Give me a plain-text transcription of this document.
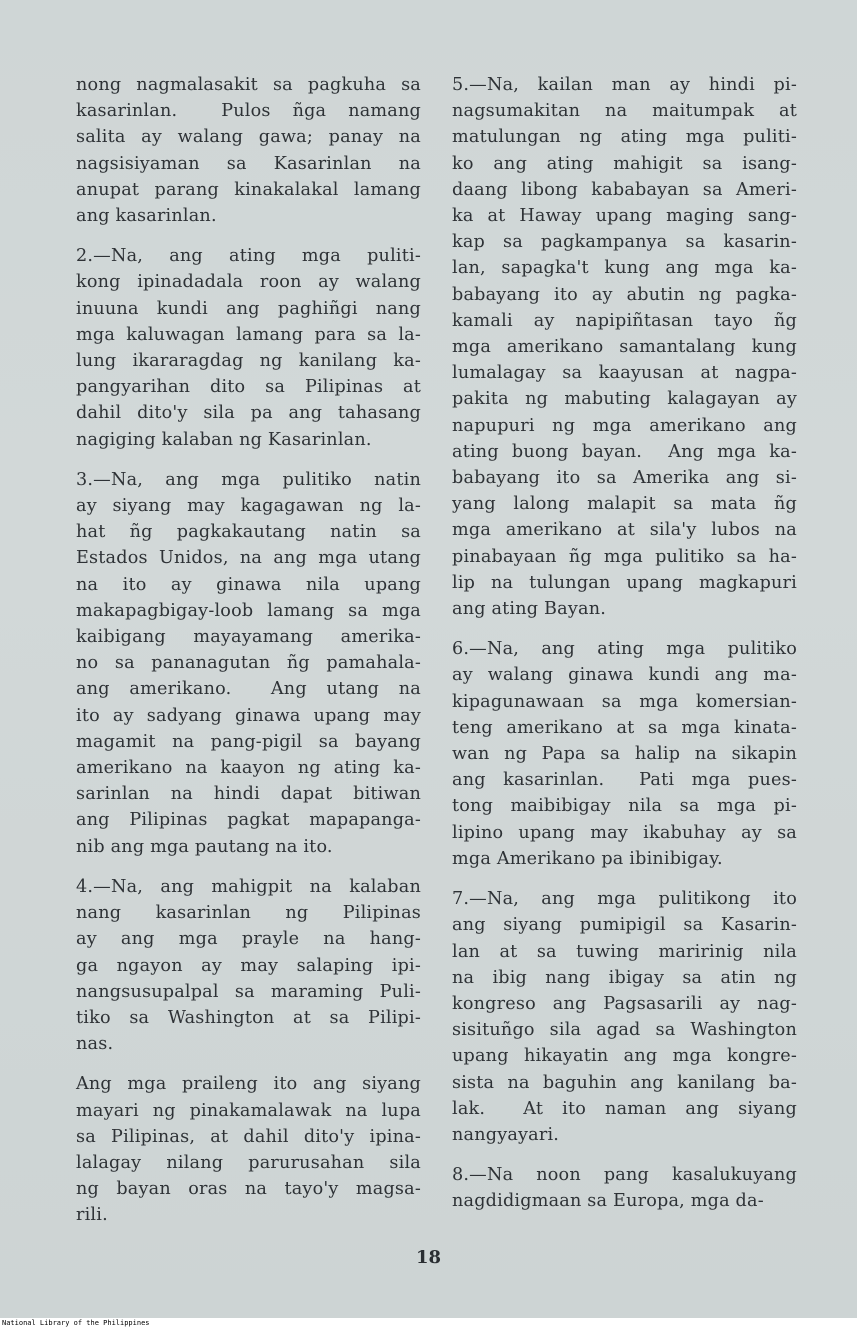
nong nagmalasakit sa pagkuha sa
kasarinlan.  Pulos ñga namang
salita ay walang gawa; panay na
nagsisiyaman sa Kasarinlan na
anupat parang kinakalakal lamang
ang kasarinlan.
2.—Na, ang ating mga puliti-
kong ipinadadala roon ay walang
inuuna kundi ang paghiñgi nang
mga kaluwagan lamang para sa la-
lung ikararagdag ng kanilang ka-
pangyarihan dito sa Pilipinas at
dahil dito'y sila pa ang tahasang
nagiging kalaban ng Kasarinlan.
3.—Na, ang mga pulitiko natin
ay siyang may kagagawan ng la-
hat ñg pagkakautang natin sa
Estados Unidos, na ang mga utang
na ito ay ginawa nila upang
makapagbigay-loob lamang sa mga
kaibigang mayayamang amerika-
no sa pananagutan ñg pamahala-
ang amerikano.  Ang utang na
ito ay sadyang ginawa upang may
magamit na pang-pigil sa bayang
amerikano na kaayon ng ating ka-
sarinlan na hindi dapat bitiwan
ang Pilipinas pagkat mapapanga-
nib ang mga pautang na ito.
4.—Na, ang mahigpit na kalaban
nang kasarinlan ng Pilipinas
ay ang mga prayle na hang-
ga ngayon ay may salaping ipi-
nangsusupalpal sa maraming Puli-
tiko sa Washington at sa Pilipi-
nas.
Ang mga praileng ito ang siyang
mayari ng pinakamalawak na lupa
sa Pilipinas, at dahil dito'y ipina-
lalagay nilang parurusahan sila
ng bayan oras na tayo'y magsa-
rili.
5.—Na, kailan man ay hindi pi-
nagsumakitan na maitumpak at
matulungan ng ating mga puliti-
ko ang ating mahigit sa isang-
daang libong kababayan sa Ameri-
ka at Haway upang maging sang-
kap sa pagkampanya sa kasarin-
lan, sapagka't kung ang mga ka-
babayang ito ay abutin ng pagka-
kamali ay napipiñtasan tayo ñg
mga amerikano samantalang kung
lumalagay sa kaayusan at nagpa-
pakita ng mabuting kalagayan ay
napupuri ng mga amerikano ang
ating buong bayan.  Ang mga ka-
babayang ito sa Amerika ang si-
yang lalong malapit sa mata ñg
mga amerikano at sila'y lubos na
pinabayaan ñg mga pulitiko sa ha-
lip na tulungan upang magkapuri
ang ating Bayan.
6.—Na, ang ating mga pulitiko
ay walang ginawa kundi ang ma-
kipagunawaan sa mga komersian-
teng amerikano at sa mga kinata-
wan ng Papa sa halip na sikapin
ang kasarinlan.  Pati mga pues-
tong maibibigay nila sa mga pi-
lipino upang may ikabuhay ay sa
mga Amerikano pa ibinibigay.
7.—Na, ang mga pulitikong ito
ang siyang pumipigil sa Kasarin-
lan at sa tuwing maririnig nila
na ibig nang ibigay sa atin ng
kongreso ang Pagsasarili ay nag-
sisituñgo sila agad sa Washington
upang hikayatin ang mga kongre-
sista na baguhin ang kanilang ba-
lak.  At ito naman ang siyang
nangyayari.
8.—Na noon pang kasalukuyang
nagdidigmaan sa Europa, mga da-
18
National Library of the Philippines
